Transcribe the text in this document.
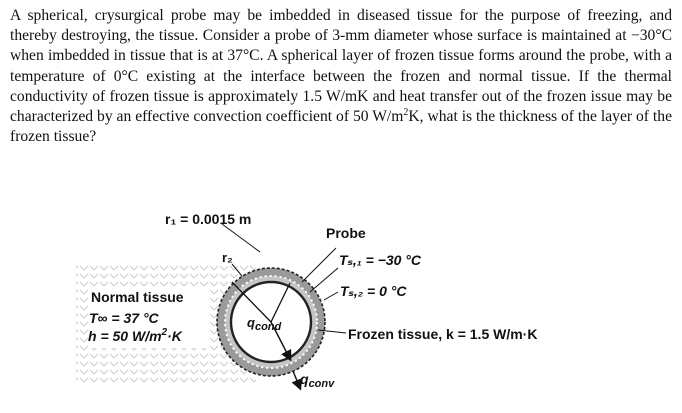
A spherical, crysurgical probe may be imbedded in diseased tissue for the purpose of freezing, and thereby destroying, the tissue. Consider a probe of 3-mm diameter whose surface is maintained at −30°C when imbedded in tissue that is at 37°C. A spherical layer of frozen tissue forms around the probe, with a temperature of 0°C existing at the interface between the frozen and normal tissue. If the thermal conductivity of frozen tissue is approximately 1.5 W/mK and heat transfer out of the frozen issue may be characterized by an effective convection coefficient of 50 $W/m^2K$, what is the thickness of the layer of the frozen tissue?

r₁ = 0.0015 m
r₂
Probe
Tₛ,₁ = −30 °C
Tₛ,₂ = 0 °C
Normal tissue
T∞ = 37 °C
h = 50 $W/m^2\cdot K$
$q_{cond}$	Frozen tissue, k = 1.5 W/m·K
$q_{conv}$
